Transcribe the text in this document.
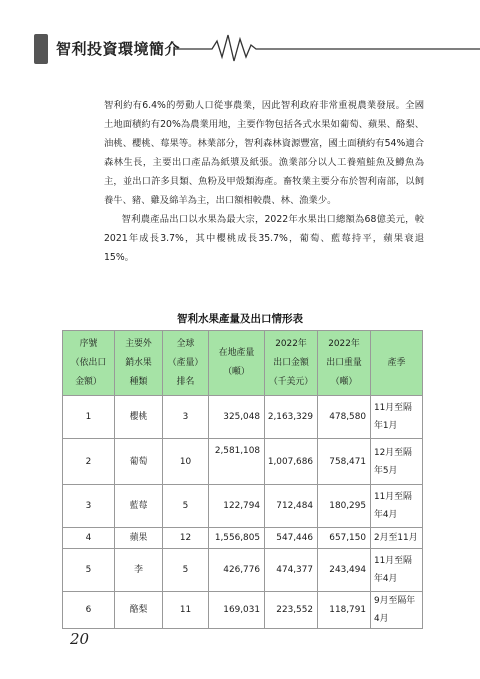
智利投資環境簡介

智利約有6.4%的勞動人口從事農業，因此智利政府非常重視農業發展。全國土地面積約有20%為農業用地，主要作物包括各式水果如葡萄、蘋果、酪梨、油桃、櫻桃、莓果等。林業部分，智利森林資源豐富，國土面積約有54%適合森林生長，主要出口產品為紙漿及紙張。漁業部分以人工養殖鮭魚及鱒魚為主，並出口許多貝類、魚粉及甲殼類海產。畜牧業主要分布於智利南部，以飼養牛、豬、雞及綿羊為主，出口額相較農、林、漁業少。

智利農產品出口以水果為最大宗，2022年水果出口總額為68億美元，較2021年成長3.7%，其中櫻桃成長35.7%，葡萄、藍莓持平，蘋果衰退15%。

智利水果產量及出口情形表
序號
（依出口
金額）	主要外
銷水果
種類	全球
（產量）
排名	在地產量
（噸）	2022年
出口金額
（千美元）	2022年
出口重量
（噸）	產季
1	櫻桃	3	325,048	2,163,329	478,580	11月至隔年1月
2	葡萄	10	2,581,108	1,007,686	758,471	12月至隔年5月
3	藍莓	5	122,794	712,484	180,295	11月至隔年4月
4	蘋果	12	1,556,805	547,446	657,150	2月至11月
5	李	5	426,776	474,377	243,494	11月至隔年4月
6	酪梨	11	169,031	223,552	118,791	9月至隔年4月
20
